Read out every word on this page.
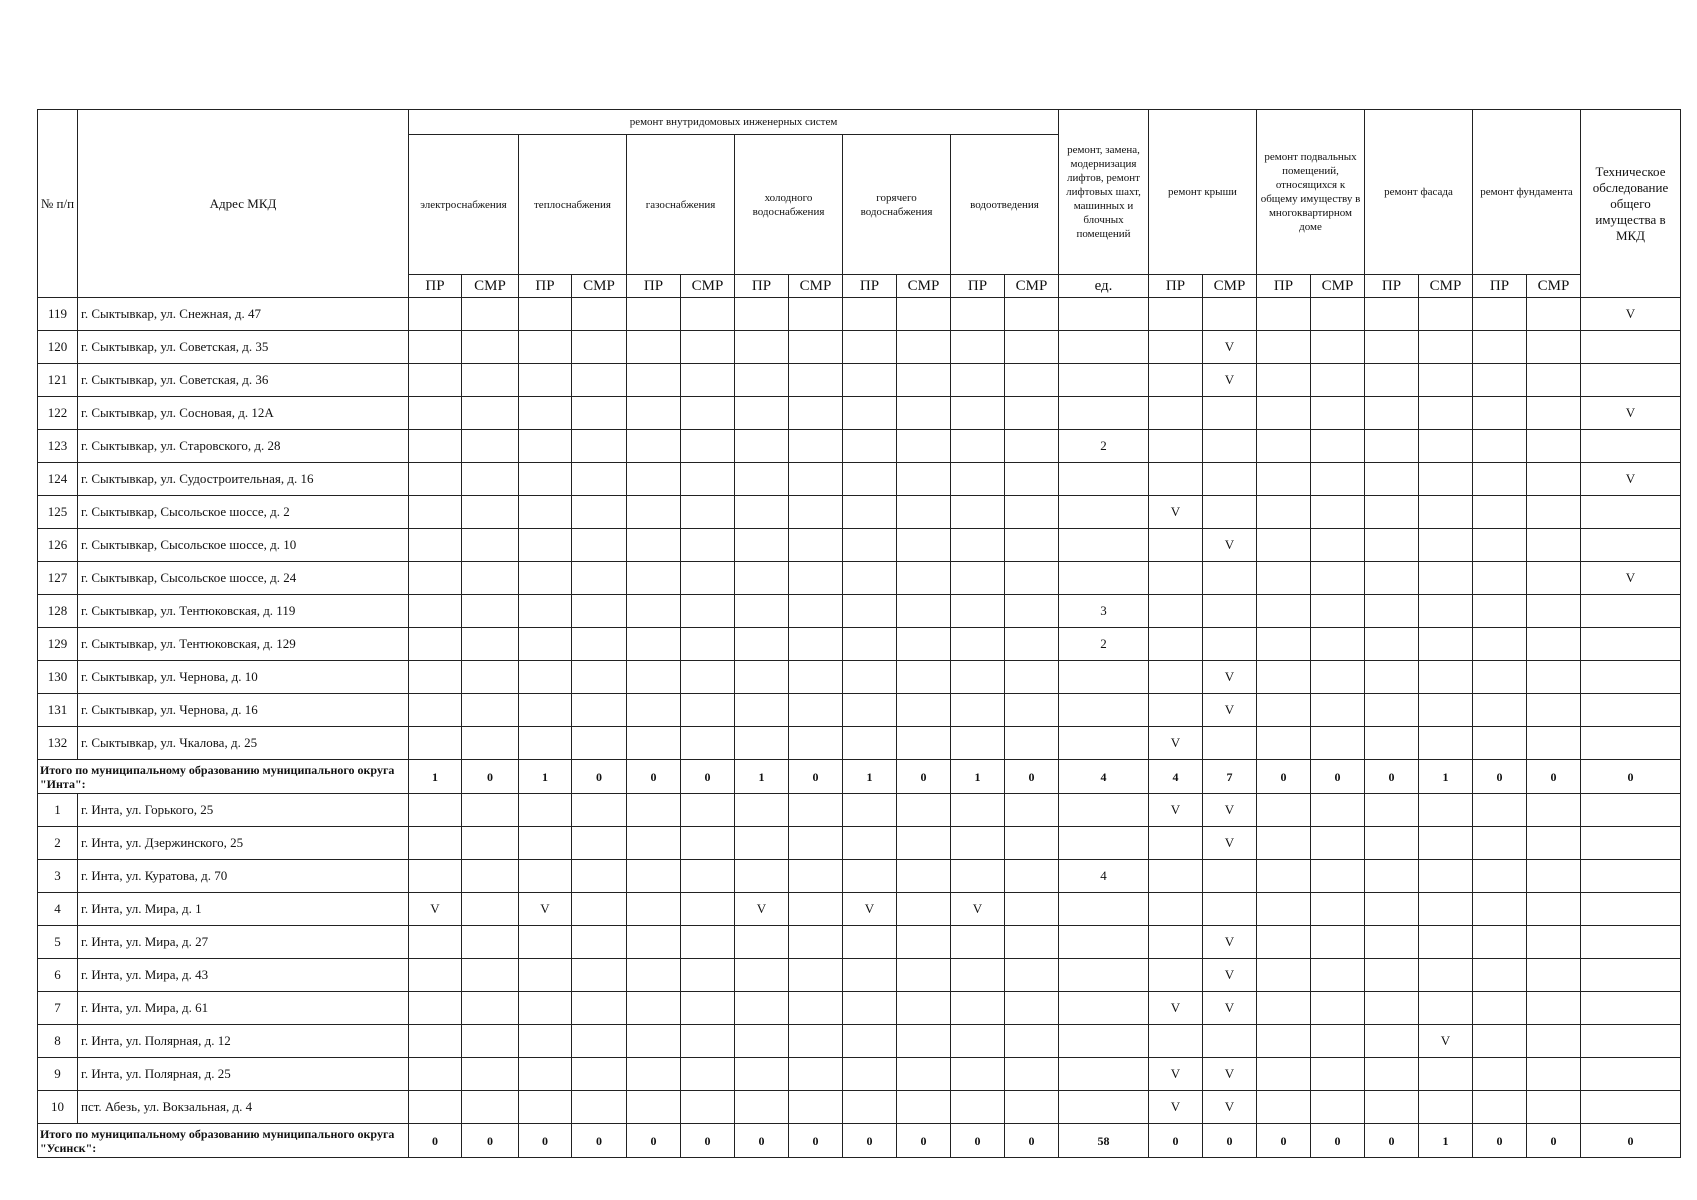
№ п/п	Адрес МКД	ремонт внутридомовых инженерных систем												ремонт, замена, модернизация лифтов, ремонт лифтовых шахт, машинных и блочных помещений	ремонт крыши		ремонт подвальных помещений, относящихся к общему имуществу в многоквартирном доме		ремонт фасада		ремонт фундамента		Техническое обследование общего имущества в МКД
		электроснабжения		теплоснабжения		газоснабжения		холодного водоснабжения		горячего водоснабжения		водоотведения											
		ПР	СМР	ПР	СМР	ПР	СМР	ПР	СМР	ПР	СМР	ПР	СМР	ед.	ПР	СМР	ПР	СМР	ПР	СМР	ПР	СМР	
119	г. Сыктывкар, ул. Снежная, д. 47																						V
120	г. Сыктывкар, ул. Советская, д. 35															V							
121	г. Сыктывкар, ул. Советская, д. 36															V							
122	г. Сыктывкар, ул. Сосновая, д. 12А																						V
123	г. Сыктывкар, ул. Старовского, д. 28													2									
124	г. Сыктывкар, ул. Судостроительная, д. 16																						V
125	г. Сыктывкар, Сысольское шоссе, д. 2														V								
126	г. Сыктывкар, Сысольское шоссе, д. 10															V							
127	г. Сыктывкар, Сысольское шоссе, д. 24																						V
128	г. Сыктывкар, ул. Тентюковская, д. 119													3									
129	г. Сыктывкар, ул. Тентюковская, д. 129													2									
130	г. Сыктывкар, ул. Чернова, д. 10															V							
131	г. Сыктывкар, ул. Чернова, д. 16															V							
132	г. Сыктывкар, ул. Чкалова, д. 25														V								
Итого по муниципальному образованию муниципального округа "Инта":		1	0	1	0	0	0	1	0	1	0	1	0	4	4	7	0	0	0	1	0	0	0
1	г. Инта, ул. Горького, 25														V	V							
2	г. Инта, ул. Дзержинского, 25															V							
3	г. Инта, ул. Куратова, д. 70													4									
4	г. Инта, ул. Мира, д. 1	V		V				V		V		V											
5	г. Инта, ул. Мира, д. 27															V							
6	г. Инта, ул. Мира, д. 43															V							
7	г. Инта, ул. Мира, д. 61														V	V							
8	г. Инта, ул. Полярная, д. 12																			V			
9	г. Инта, ул. Полярная, д. 25														V	V							
10	пст. Абезь, ул. Вокзальная, д. 4														V	V							
Итого по муниципальному образованию муниципального округа "Усинск":		0	0	0	0	0	0	0	0	0	0	0	0	58	0	0	0	0	0	1	0	0	0
